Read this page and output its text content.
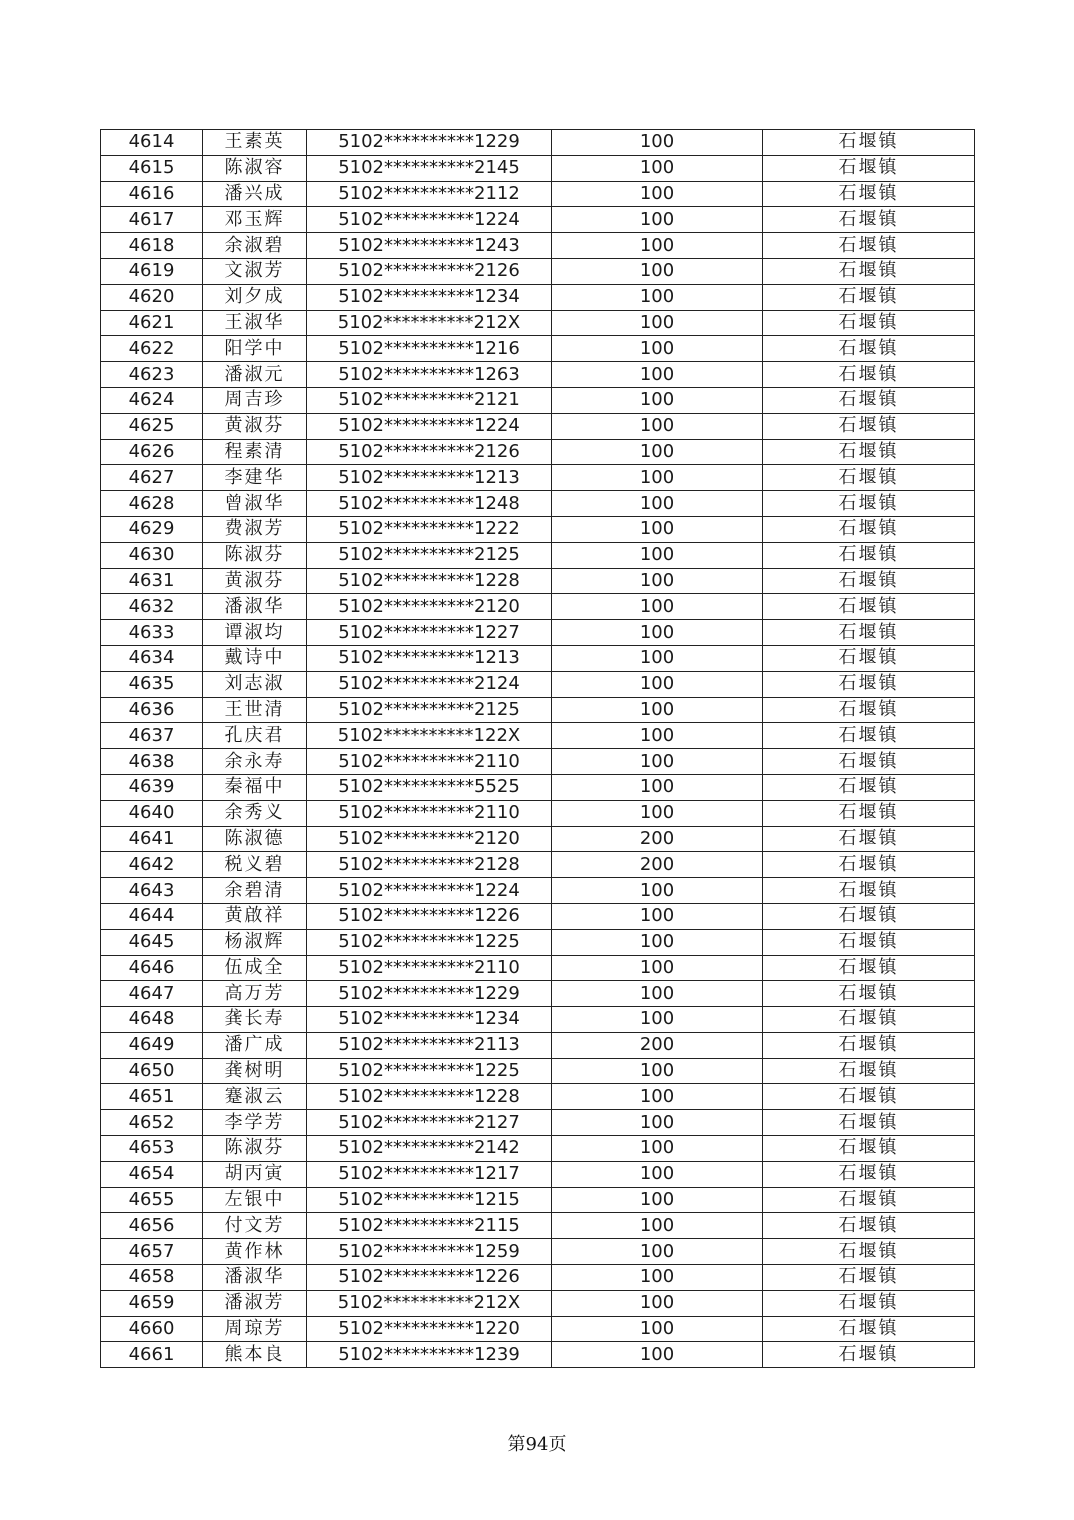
4614	王素英	5102**********1229	100	石堰镇
4615	陈淑容	5102**********2145	100	石堰镇
4616	潘兴成	5102**********2112	100	石堰镇
4617	邓玉辉	5102**********1224	100	石堰镇
4618	余淑碧	5102**********1243	100	石堰镇
4619	文淑芳	5102**********2126	100	石堰镇
4620	刘夕成	5102**********1234	100	石堰镇
4621	王淑华	5102**********212X	100	石堰镇
4622	阳学中	5102**********1216	100	石堰镇
4623	潘淑元	5102**********1263	100	石堰镇
4624	周吉珍	5102**********2121	100	石堰镇
4625	黄淑芬	5102**********1224	100	石堰镇
4626	程素清	5102**********2126	100	石堰镇
4627	李建华	5102**********1213	100	石堰镇
4628	曾淑华	5102**********1248	100	石堰镇
4629	费淑芳	5102**********1222	100	石堰镇
4630	陈淑芬	5102**********2125	100	石堰镇
4631	黄淑芬	5102**********1228	100	石堰镇
4632	潘淑华	5102**********2120	100	石堰镇
4633	谭淑均	5102**********1227	100	石堰镇
4634	戴诗中	5102**********1213	100	石堰镇
4635	刘志淑	5102**********2124	100	石堰镇
4636	王世清	5102**********2125	100	石堰镇
4637	孔庆君	5102**********122X	100	石堰镇
4638	余永寿	5102**********2110	100	石堰镇
4639	秦福中	5102**********5525	100	石堰镇
4640	余秀义	5102**********2110	100	石堰镇
4641	陈淑德	5102**********2120	200	石堰镇
4642	税义碧	5102**********2128	200	石堰镇
4643	余碧清	5102**********1224	100	石堰镇
4644	黄啟祥	5102**********1226	100	石堰镇
4645	杨淑辉	5102**********1225	100	石堰镇
4646	伍成全	5102**********2110	100	石堰镇
4647	高万芳	5102**********1229	100	石堰镇
4648	龚长寿	5102**********1234	100	石堰镇
4649	潘广成	5102**********2113	200	石堰镇
4650	龚树明	5102**********1225	100	石堰镇
4651	蹇淑云	5102**********1228	100	石堰镇
4652	李学芳	5102**********2127	100	石堰镇
4653	陈淑芬	5102**********2142	100	石堰镇
4654	胡丙寅	5102**********1217	100	石堰镇
4655	左银中	5102**********1215	100	石堰镇
4656	付文芳	5102**********2115	100	石堰镇
4657	黄作林	5102**********1259	100	石堰镇
4658	潘淑华	5102**********1226	100	石堰镇
4659	潘淑芳	5102**********212X	100	石堰镇
4660	周琼芳	5102**********1220	100	石堰镇
4661	熊本良	5102**********1239	100	石堰镇
第94页
